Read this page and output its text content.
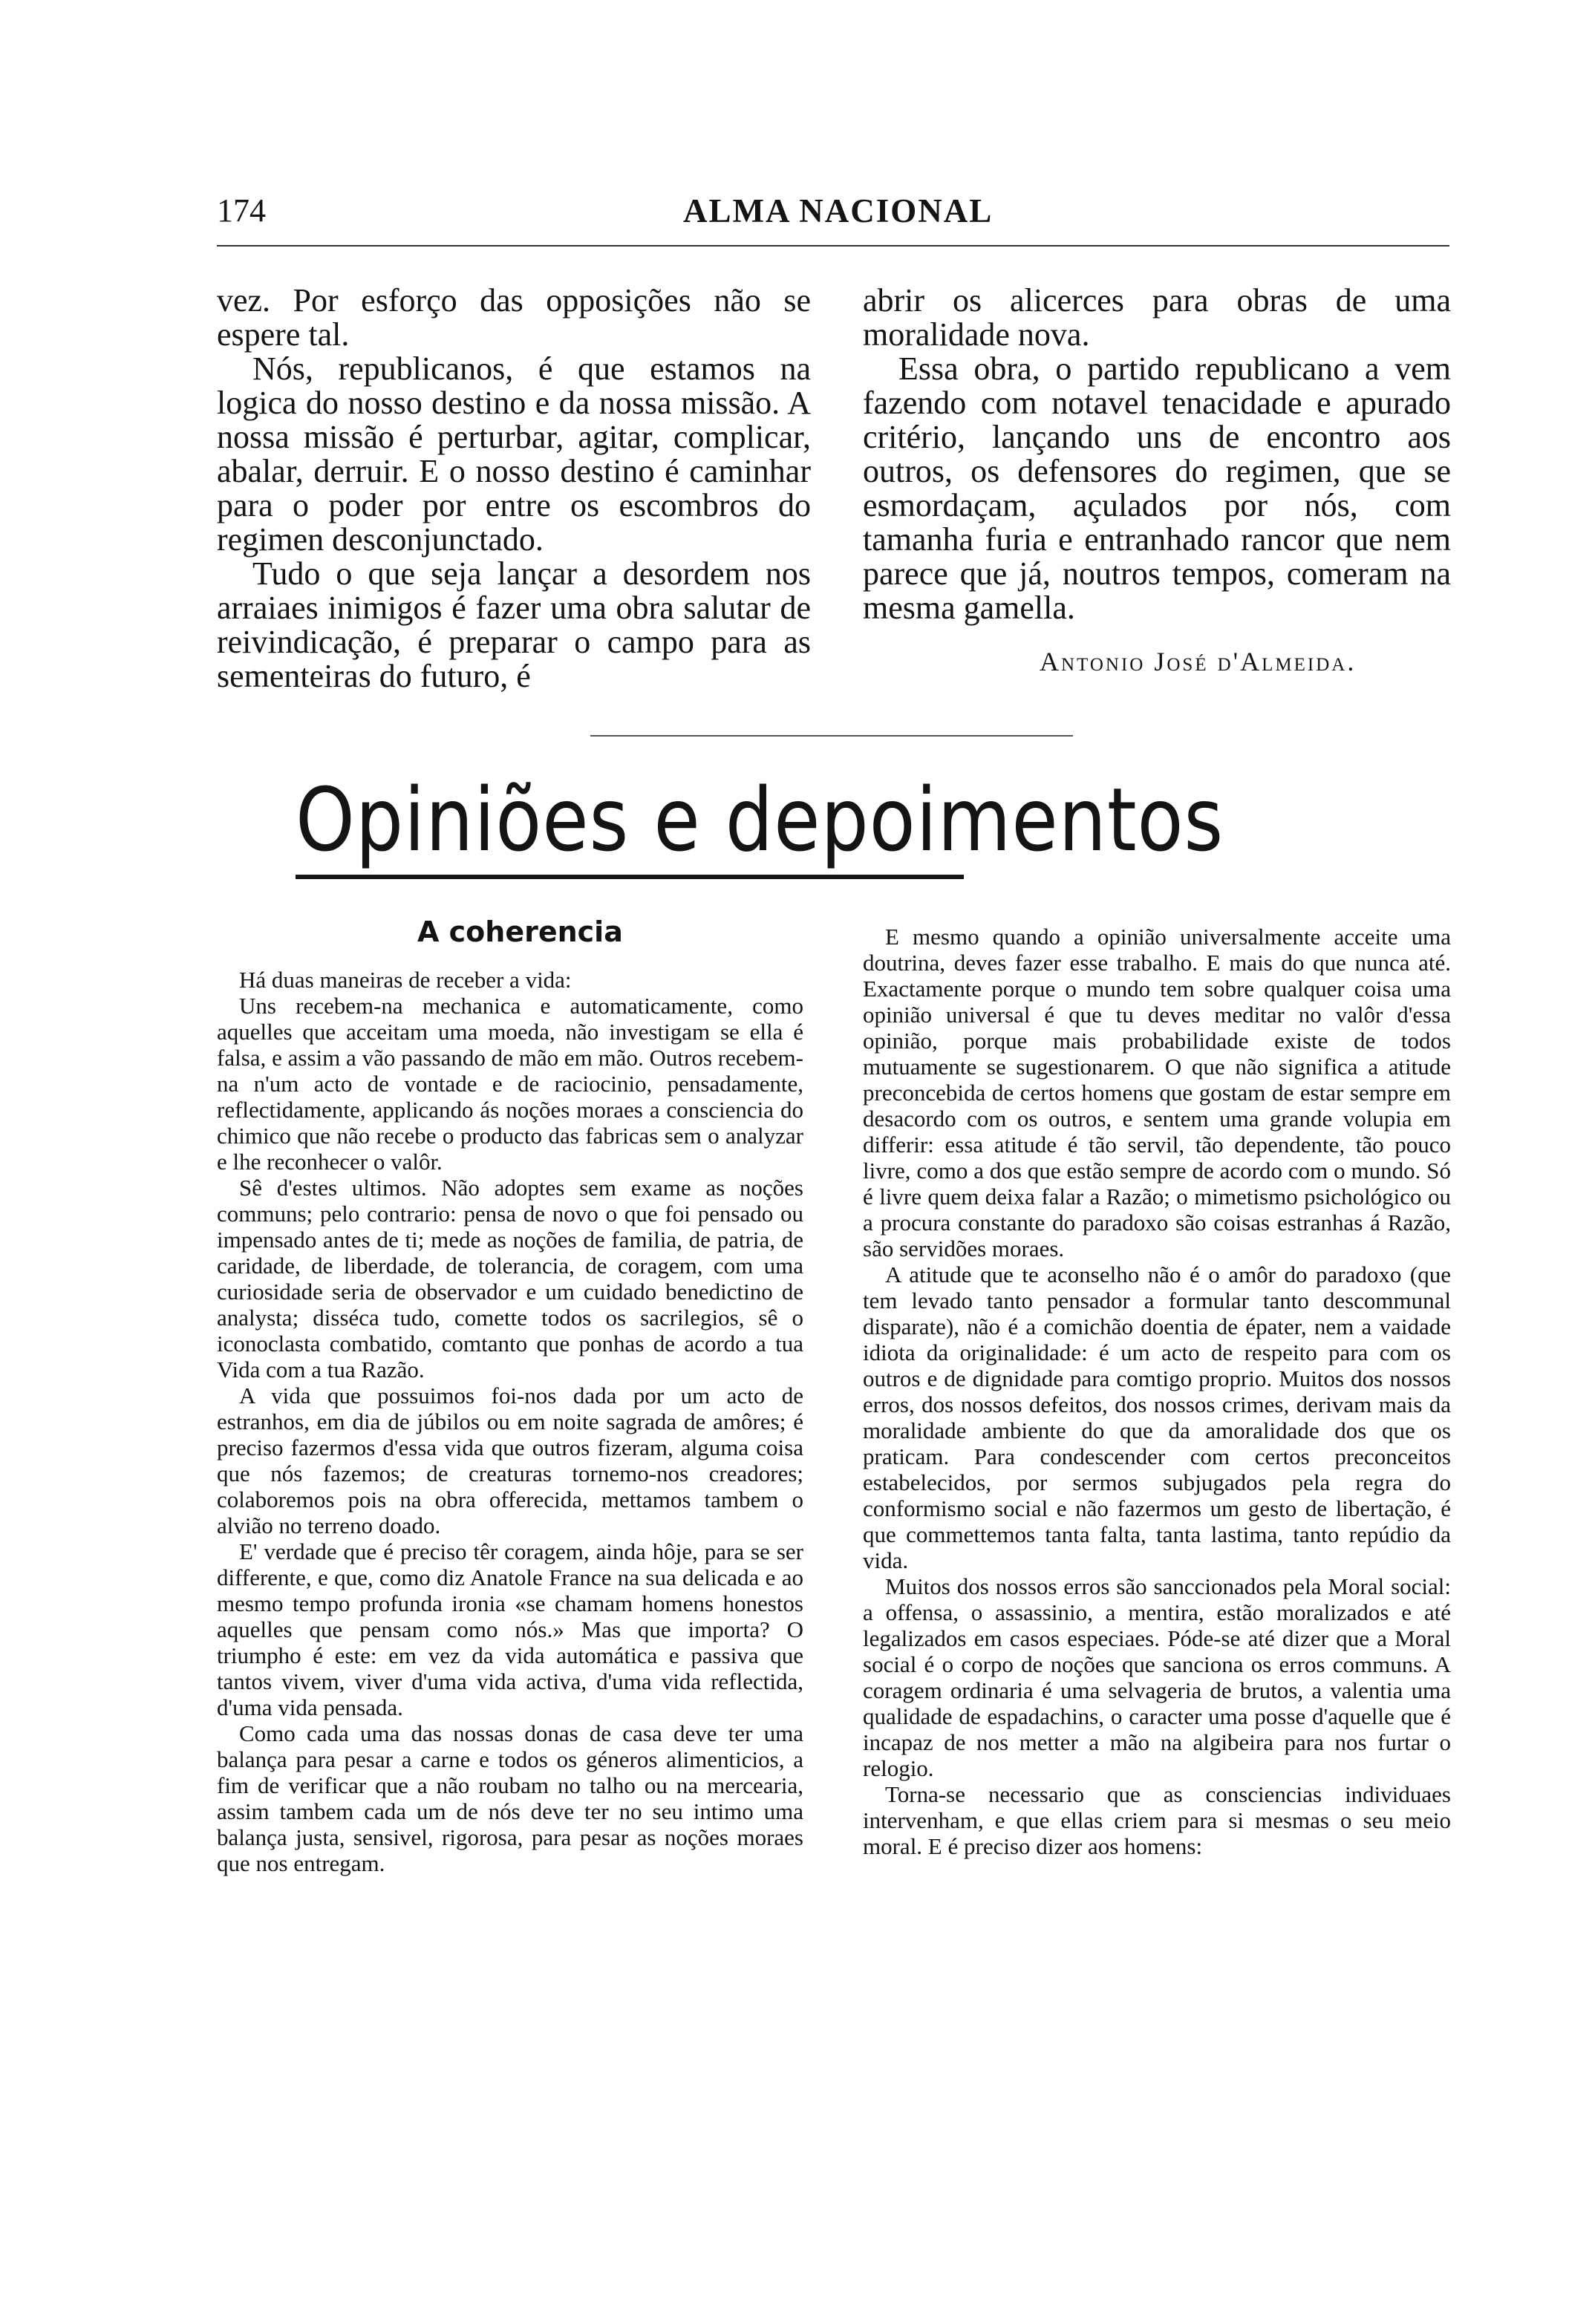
174	ALMA NACIONAL

vez. Por esforço das opposições não se espere tal.

Nós, republicanos, é que estamos na logica do nosso destino e da nossa missão. A nossa missão é perturbar, agitar, complicar, abalar, derruir. E o nosso destino é caminhar para o poder por entre os escombros do regimen desconjunctado.

Tudo o que seja lançar a desordem nos arraiaes inimigos é fazer uma obra salutar de reivindicação, é preparar o campo para as sementeiras do futuro, é

abrir os alicerces para obras de uma moralidade nova.

Essa obra, o partido republicano a vem fazendo com notavel tenacidade e apurado critério, lançando uns de encontro aos outros, os defensores do regimen, que se esmordaçam, açulados por nós, com tamanha furia e entranhado rancor que nem parece que já, noutros tempos, comeram na mesma gamella.

Antonio José d'Almeida.
Opiniões e depoimentos
A coherencia

Há duas maneiras de receber a vida:

Uns recebem-na mechanica e automaticamente, como aquelles que acceitam uma moeda, não investigam se ella é falsa, e assim a vão passando de mão em mão. Outros recebem-na n'um acto de vontade e de raciocinio, pensadamente, reflectidamente, applicando ás noções moraes a consciencia do chimico que não recebe o producto das fabricas sem o analyzar e lhe reconhecer o valôr.

Sê d'estes ultimos. Não adoptes sem exame as noções communs; pelo contrario: pensa de novo o que foi pensado ou impensado antes de ti; mede as noções de familia, de patria, de caridade, de liberdade, de tolerancia, de coragem, com uma curiosidade seria de observador e um cuidado benedictino de analysta; disséca tudo, comette todos os sacrilegios, sê o iconoclasta combatido, comtanto que ponhas de acordo a tua Vida com a tua Razão.

A vida que possuimos foi-nos dada por um acto de estranhos, em dia de júbilos ou em noite sagrada de amôres; é preciso fazermos d'essa vida que outros fizeram, alguma coisa que nós fazemos; de creaturas tornemo-nos creadores; colaboremos pois na obra offerecida, mettamos tambem o alvião no terreno doado.

E' verdade que é preciso têr coragem, ainda hôje, para se ser differente, e que, como diz Anatole France na sua delicada e ao mesmo tempo profunda ironia «se chamam homens honestos aquelles que pensam como nós.» Mas que importa? O triumpho é este: em vez da vida automática e passiva que tantos vivem, viver d'uma vida activa, d'uma vida reflectida, d'uma vida pensada.

Como cada uma das nossas donas de casa deve ter uma balança para pesar a carne e todos os géneros alimenticios, a fim de verificar que a não roubam no talho ou na mercearia, assim tambem cada um de nós deve ter no seu intimo uma balança justa, sensivel, rigorosa, para pesar as noções moraes que nos entregam.

E mesmo quando a opinião universalmente acceite uma doutrina, deves fazer esse trabalho. E mais do que nunca até. Exactamente porque o mundo tem sobre qualquer coisa uma opinião universal é que tu deves meditar no valôr d'essa opinião, porque mais probabilidade existe de todos mutuamente se sugestionarem. O que não significa a atitude preconcebida de certos homens que gostam de estar sempre em desacordo com os outros, e sentem uma grande volupia em differir: essa atitude é tão servil, tão dependente, tão pouco livre, como a dos que estão sempre de acordo com o mundo. Só é livre quem deixa falar a Razão; o mimetismo psichológico ou a procura constante do paradoxo são coisas estranhas á Razão, são servidões moraes.

A atitude que te aconselho não é o amôr do paradoxo (que tem levado tanto pensador a formular tanto descommunal disparate), não é a comichão doentia de épater, nem a vaidade idiota da originalidade: é um acto de respeito para com os outros e de dignidade para comtigo proprio. Muitos dos nossos erros, dos nossos defeitos, dos nossos crimes, derivam mais da moralidade ambiente do que da amoralidade dos que os praticam. Para condescender com certos preconceitos estabelecidos, por sermos subjugados pela regra do conformismo social e não fazermos um gesto de libertação, é que commettemos tanta falta, tanta lastima, tanto repúdio da vida.

Muitos dos nossos erros são sanccionados pela Moral social: a offensa, o assassinio, a mentira, estão moralizados e até legalizados em casos especiaes. Póde-se até dizer que a Moral social é o corpo de noções que sanciona os erros communs. A coragem ordinaria é uma selvageria de brutos, a valentia uma qualidade de espadachins, o caracter uma posse d'aquelle que é incapaz de nos metter a mão na algibeira para nos furtar o relogio.

Torna-se necessario que as consciencias individuaes intervenham, e que ellas criem para si mesmas o seu meio moral. E é preciso dizer aos homens:
